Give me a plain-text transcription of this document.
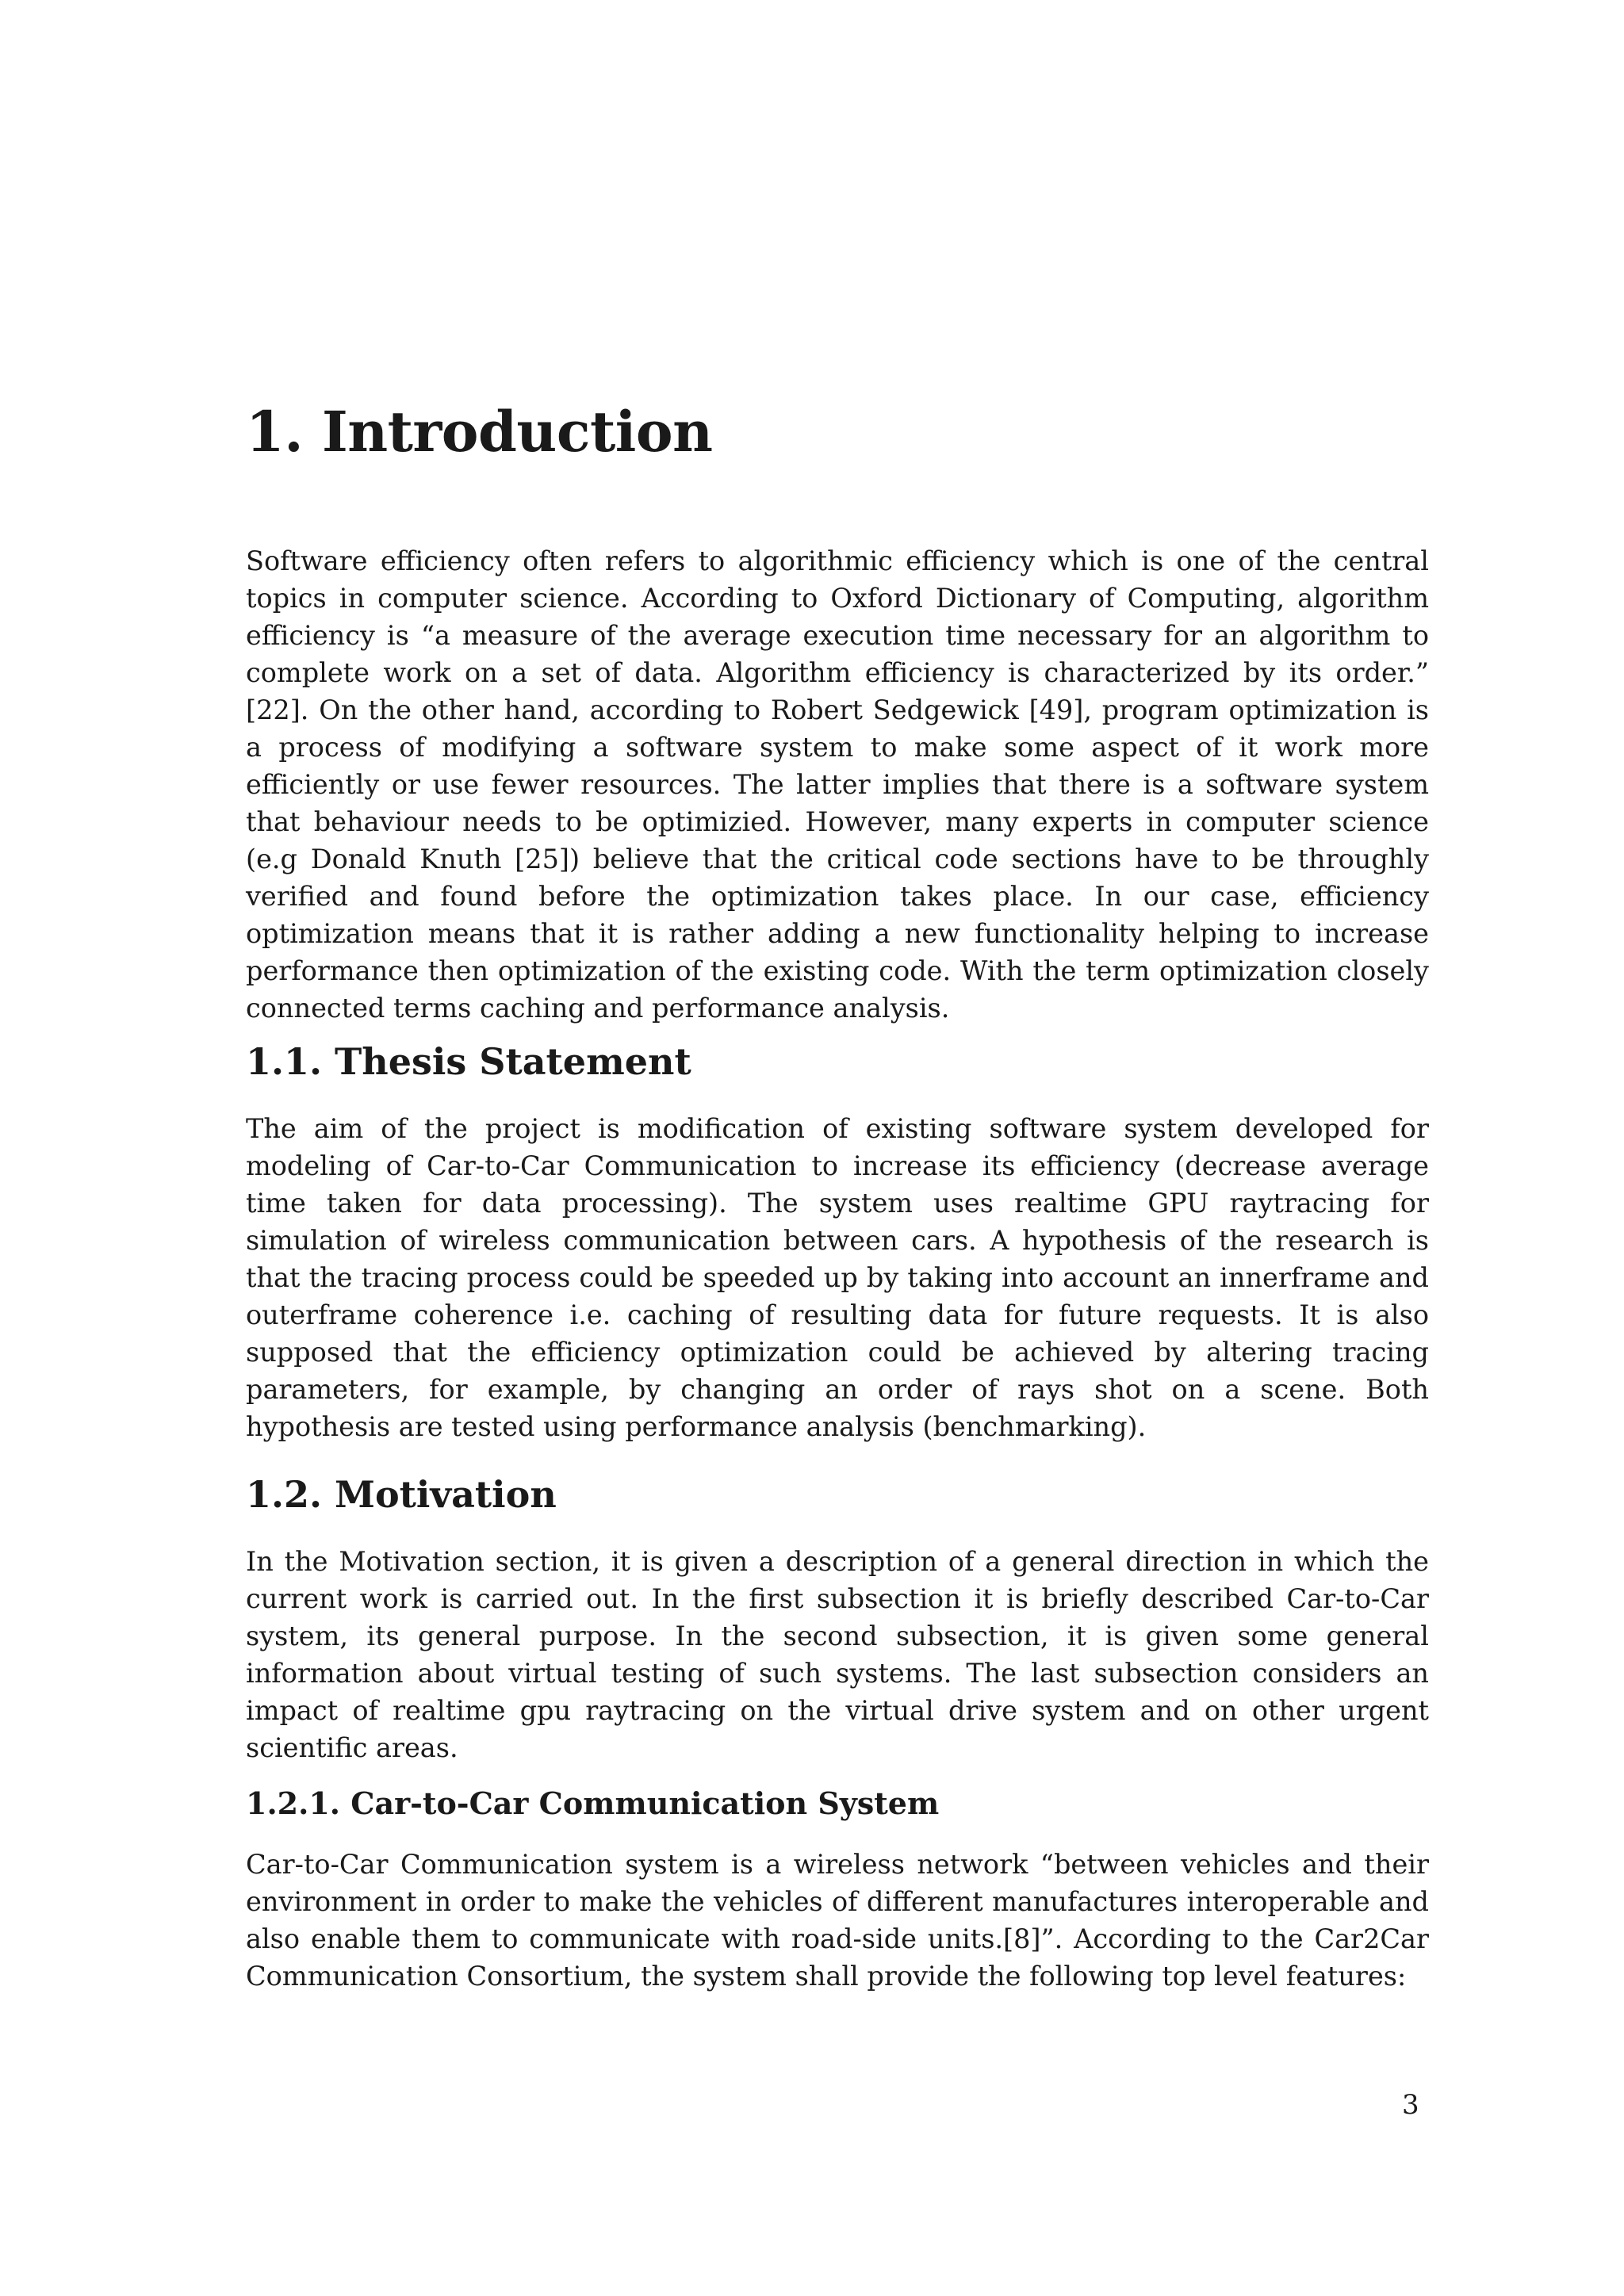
1. Introduction

Software efficiency often refers to algorithmic efficiency which is one of the central topics in computer science. According to Oxford Dictionary of Computing, algorithm efficiency is “a measure of the average execution time necessary for an algorithm to complete work on a set of data. Algorithm efficiency is characterized by its order.” [22]. On the other hand, according to Robert Sedgewick [49], program optimization is a process of modifying a software system to make some aspect of it work more efficiently or use fewer resources. The latter implies that there is a software system that behaviour needs to be optimizied. However, many experts in computer science (e.g Donald Knuth [25]) believe that the critical code sections have to be throughly verified and found before the optimization takes place. In our case, efficiency optimization means that it is rather adding a new functionality helping to increase performance then optimization of the existing code. With the term optimization closely connected terms caching and performance analysis.

1.1. Thesis Statement

The aim of the project is modification of existing software system developed for modeling of Car-to-Car Communication to increase its efficiency (decrease average time taken for data processing). The system uses realtime GPU raytracing for simulation of wireless communication between cars. A hypothesis of the research is that the tracing process could be speeded up by taking into account an innerframe and outerframe coherence i.e. caching of resulting data for future requests. It is also supposed that the efficiency optimization could be achieved by altering tracing parameters, for example, by changing an order of rays shot on a scene. Both hypothesis are tested using performance analysis (benchmarking).

1.2. Motivation

In the Motivation section, it is given a description of a general direction in which the current work is carried out. In the first subsection it is briefly described Car-to-Car system, its general purpose. In the second subsection, it is given some general information about virtual testing of such systems. The last subsection considers an impact of realtime gpu raytracing on the virtual drive system and on other urgent scientific areas.

1.2.1. Car-to-Car Communication System

Car-to-Car Communication system is a wireless network “between vehicles and their environment in order to make the vehicles of different manufactures interoperable and also enable them to communicate with road-side units.[8]”. According to the Car2Car Communication Consortium, the system shall provide the following top level features:

3
